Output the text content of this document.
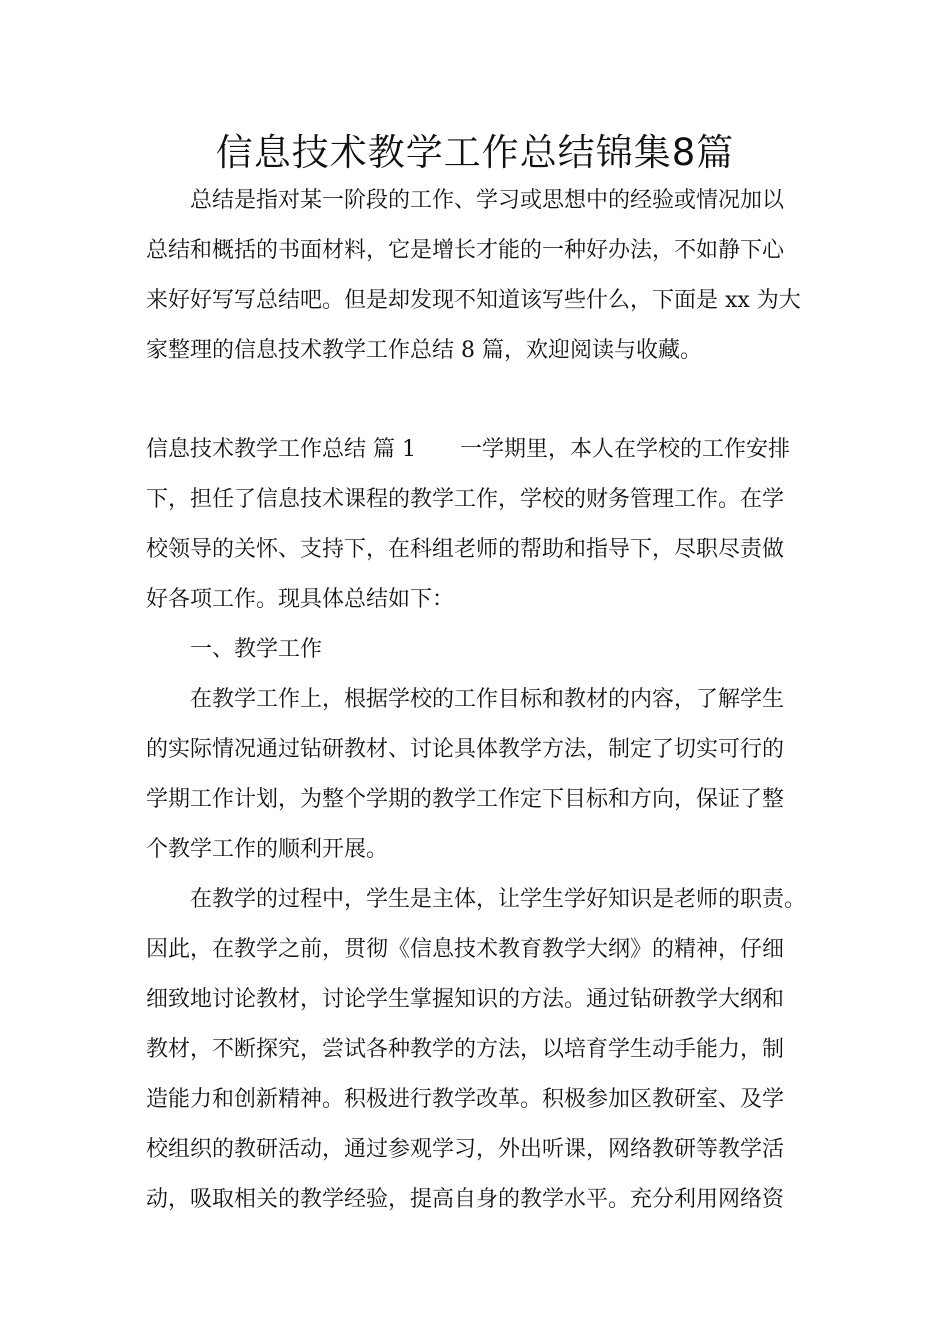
信息技术教学工作总结锦集8篇
总结是指对某一阶段的工作、学习或思想中的经验或情况加以
总结和概括的书面材料，它是增长才能的一种好办法，不如静下心
来好好写写总结吧。但是却发现不知道该写些什么，下面是 xx 为大
家整理的信息技术教学工作总结 8 篇，欢迎阅读与收藏。
信息技术教学工作总结 篇 1 一学期里，本人在学校的工作安排
下，担任了信息技术课程的教学工作，学校的财务管理工作。在学
校领导的关怀、支持下，在科组老师的帮助和指导下，尽职尽责做
好各项工作。现具体总结如下：
一、教学工作
在教学工作上，根据学校的工作目标和教材的内容，了解学生
的实际情况通过钻研教材、讨论具体教学方法，制定了切实可行的
学期工作计划，为整个学期的教学工作定下目标和方向，保证了整
个教学工作的顺利开展。
在教学的过程中，学生是主体，让学生学好知识是老师的职责。
因此，在教学之前，贯彻《信息技术教育教学大纲》的精神，仔细
细致地讨论教材，讨论学生掌握知识的方法。通过钻研教学大纲和
教材，不断探究，尝试各种教学的方法，以培育学生动手能力，制
造能力和创新精神。积极进行教学改革。积极参加区教研室、及学
校组织的教研活动，通过参观学习，外出听课，网络教研等教学活
动，吸取相关的教学经验，提高自身的教学水平。充分利用网络资
